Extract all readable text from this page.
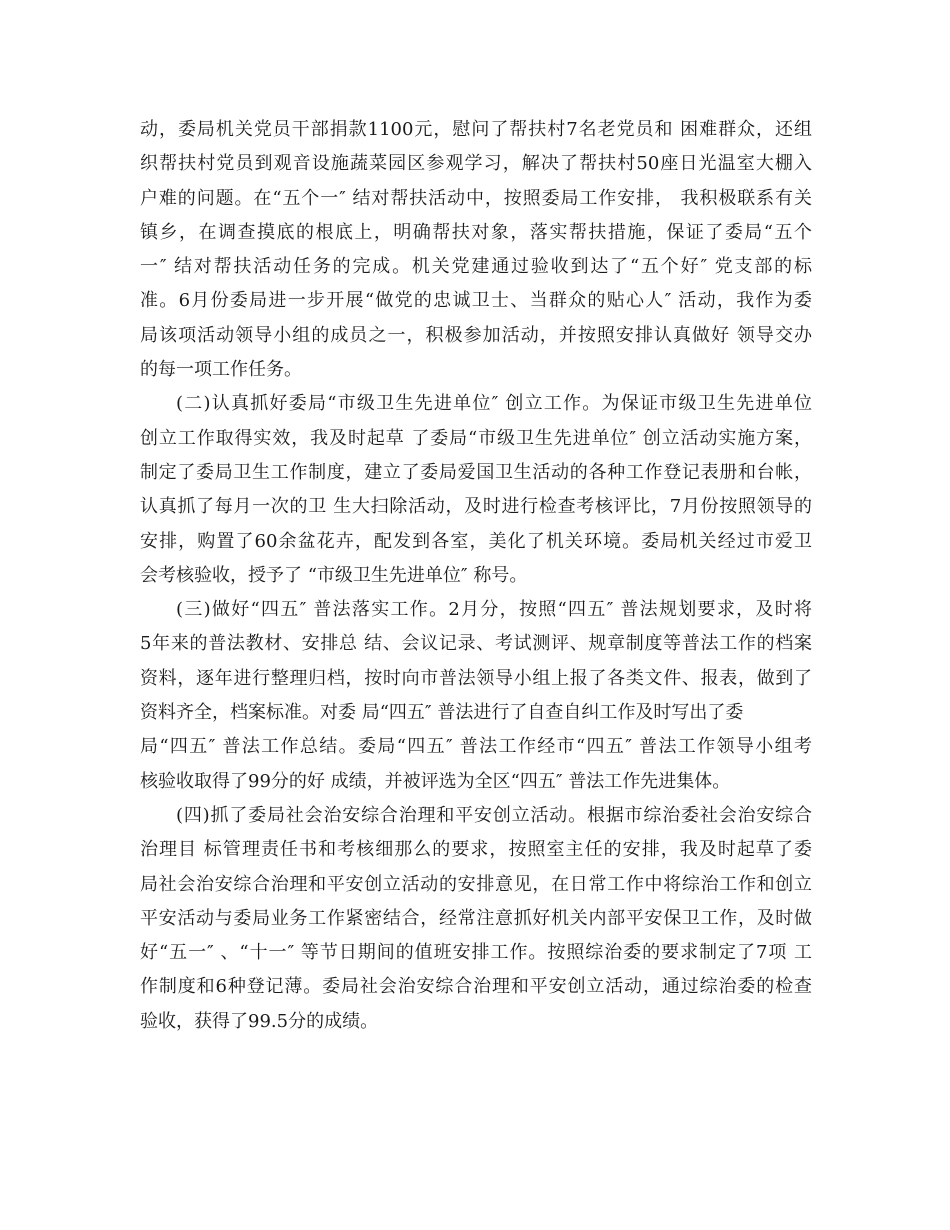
动，委局机关党员干部捐款1100元，慰问了帮扶村7名老党员和 困难群众，还组
织帮扶村党员到观音设施蔬菜园区参观学习，解决了帮扶村50座日光温室大棚入
户难的问题。在“五个一″ 结对帮扶活动中，按照委局工作安排， 我积极联系有关
镇乡，在调查摸底的根底上，明确帮扶对象，落实帮扶措施，保证了委局“五个
一″ 结对帮扶活动任务的完成。机关党建通过验收到达了“五个好″ 党支部的标
准。6月份委局进一步开展“做党的忠诚卫士、当群众的贴心人″ 活动，我作为委
局该项活动领导小组的成员之一，积极参加活动，并按照安排认真做好 领导交办
的每一项工作任务。
(二)认真抓好委局“市级卫生先进单位″ 创立工作。为保证市级卫生先进单位
创立工作取得实效，我及时起草 了委局“市级卫生先进单位″ 创立活动实施方案，
制定了委局卫生工作制度，建立了委局爱国卫生活动的各种工作登记表册和台帐，
认真抓了每月一次的卫 生大扫除活动，及时进行检查考核评比，7月份按照领导的
安排，购置了60余盆花卉，配发到各室，美化了机关环境。委局机关经过市爱卫
会考核验收，授予了 “市级卫生先进单位″ 称号。
(三)做好“四五″ 普法落实工作。2月分，按照“四五″ 普法规划要求，及时将
5年来的普法教材、安排总 结、会议记录、考试测评、规章制度等普法工作的档案
资料，逐年进行整理归档，按时向市普法领导小组上报了各类文件、报表，做到了
资料齐全，档案标准。对委 局“四五″ 普法进行了自查自纠工作及时写出了委
局“四五″ 普法工作总结。委局“四五″ 普法工作经市“四五″ 普法工作领导小组考
核验收取得了99分的好 成绩，并被评选为全区“四五″ 普法工作先进集体。
(四)抓了委局社会治安综合治理和平安创立活动。根据市综治委社会治安综合
治理目 标管理责任书和考核细那么的要求，按照室主任的安排，我及时起草了委
局社会治安综合治理和平安创立活动的安排意见，在日常工作中将综治工作和创立
平安活动与委局业务工作紧密结合，经常注意抓好机关内部平安保卫工作，及时做
好“五一″ 、“十一″ 等节日期间的值班安排工作。按照综治委的要求制定了7项 工
作制度和6种登记薄。委局社会治安综合治理和平安创立活动，通过综治委的检查
验收，获得了99.5分的成绩。
